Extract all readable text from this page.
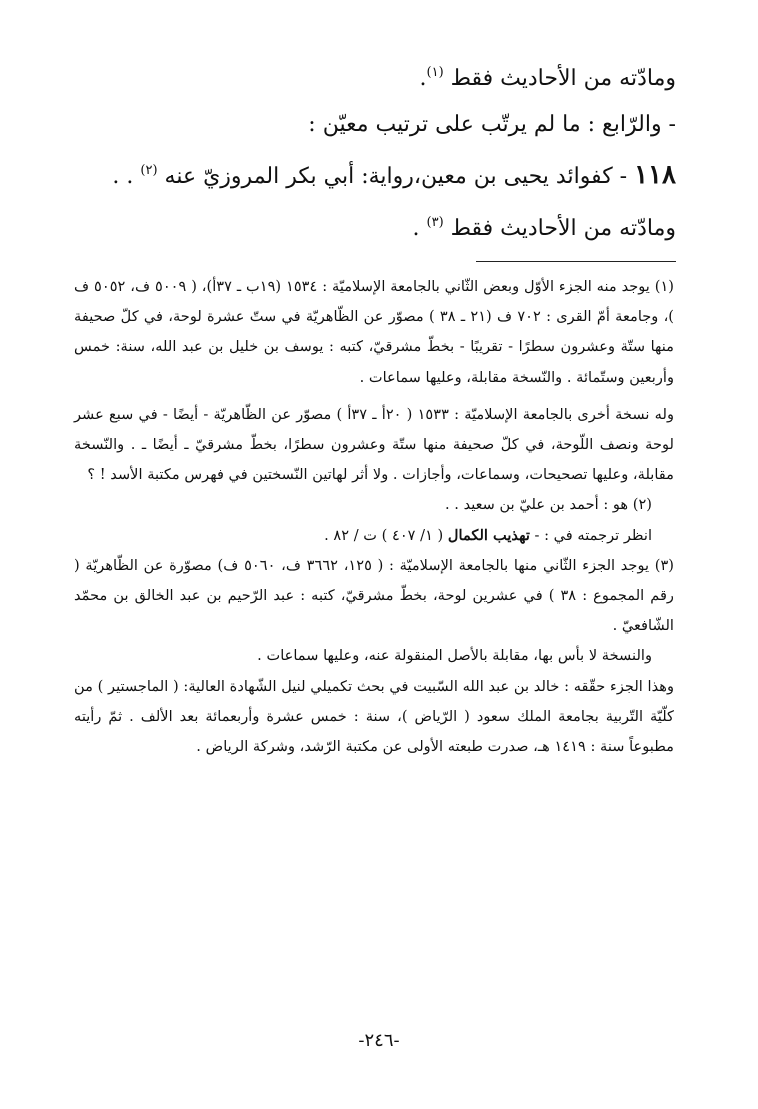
ومادّته من الأحاديث فقط $^{(١)}$.

- والرّابع : ما لم يرتّب على ترتيب معيّن :

١١٨ - كفوائد يحيى بن معين،رواية: أبي بكر المروزيّ عنه $^{(٢)}$ . .

ومادّته من الأحاديث فقط $^{(٣)}$ .

(١) يوجد منه الجزء الأوّل وبعض الثّاني بالجامعة الإسلاميّة : ١٥٣٤ (١٩ب ـ ٣٧أ)، ( ٥٠٠٩ ف، ٥٠٥٢ ف )، وجامعة أمّ القرى : ٧٠٢ ف (٢١ ـ ٣٨ ) مصوّر عن الظّاهريّة في ستّ عشرة لوحة، في كلّ صحيفة منها ستّة وعشرون سطرًا - تقريبًا - بخطّ مشرقيّ، كتبه : يوسف بن خليل بن عبد الله، سنة: خمس وأربعين وستّمائة . والنّسخة مقابلة، وعليها سماعات .

وله نسخة أخرى بالجامعة الإسلاميّة : ١٥٣٣ ( ٢٠أ ـ ٣٧أ ) مصوّر عن الظّاهريّة - أيضًا - في سبع عشر لوحة ونصف اللّوحة، في كلّ صحيفة منها ستّة وعشرون سطرًا، بخطّ مشرقيّ ـ أيضًا ـ . والنّسخة مقابلة، وعليها تصحيحات، وسماعات، وأجازات . ولا أثر لهاتين النّسختين في فهرس مكتبة الأسد ! ؟

(٢) هو : أحمد بن عليّ بن سعيد . .

انظر ترجمته في : - تهذيب الكمال ( ١/ ٤٠٧ ) ت / ٨٢ .

(٣) يوجد الجزء الثّاني منها بالجامعة الإسلاميّة : ( ١٢٥، ٣٦٦٢ ف، ٥٠٦٠ ف) مصوّرة عن الظّاهريّة ( رقم المجموع : ٣٨ ) في عشرين لوحة، بخطّ مشرقيّ، كتبه : عبد الرّحيم بن عبد الخالق بن محمّد الشّافعيّ .

والنسخة لا بأس بها، مقابلة بالأصل المنقولة عنه، وعليها سماعات .

وهذا الجزء حقّقه : خالد بن عبد الله السّبيت في بحث تكميلي لنيل الشّهادة العالية: ( الماجستير ) من كلّيّة التّربية بجامعة الملك سعود ( الرّياض )، سنة : خمس عشرة وأربعمائة بعد الألف . ثمّ رأيته مطبوعاً سنة : ١٤١٩ هـ، صدرت طبعته الأولى عن مكتبة الرّشد، وشركة الرياض .

-٢٤٦-
